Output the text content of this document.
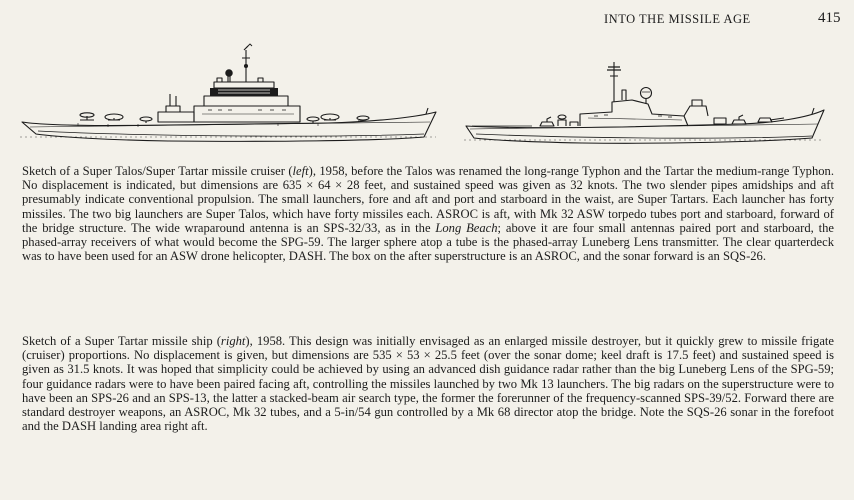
INTO THE MISSILE AGE	415

Sketch of a Super Talos/Super Tartar missile cruiser (left), 1958, before the Talos was renamed the long-range Typhon and the Tartar the medium-range Typhon. No displacement is indicated, but dimensions are 635 × 64 × 28 feet, and sustained speed was given as 32 knots. The two slender pipes amidships and aft presumably indicate conventional propulsion. The small launchers, fore and aft and port and starboard in the waist, are Super Tartars. Each launcher has forty missiles. The two big launchers are Super Talos, which have forty missiles each. ASROC is aft, with Mk 32 ASW torpedo tubes port and starboard, forward of the bridge structure. The wide wraparound antenna is an SPS-32/33, as in the Long Beach; above it are four small antennas paired port and starboard, the phased-array receivers of what would become the SPG-59. The larger sphere atop a tube is the phased-array Luneberg Lens transmitter. The clear quarterdeck was to have been used for an ASW drone helicopter, DASH. The box on the after superstructure is an ASROC, and the sonar forward is an SQS-26.

Sketch of a Super Tartar missile ship (right), 1958. This design was initially envisaged as an enlarged missile destroyer, but it quickly grew to missile frigate (cruiser) proportions. No displacement is given, but dimensions are 535 × 53 × 25.5 feet (over the sonar dome; keel draft is 17.5 feet) and sustained speed is given as 31.5 knots. It was hoped that simplicity could be achieved by using an advanced dish guidance radar rather than the big Luneberg Lens of the SPG-59; four guidance radars were to have been paired facing aft, controlling the missiles launched by two Mk 13 launchers. The big radars on the superstructure were to have been an SPS-26 and an SPS-13, the latter a stacked-beam air search type, the former the forerunner of the frequency-scanned SPS-39/52. Forward there are standard destroyer weapons, an ASROC, Mk 32 tubes, and a 5-in/54 gun controlled by a Mk 68 director atop the bridge. Note the SQS-26 sonar in the forefoot and the DASH landing area right aft.
